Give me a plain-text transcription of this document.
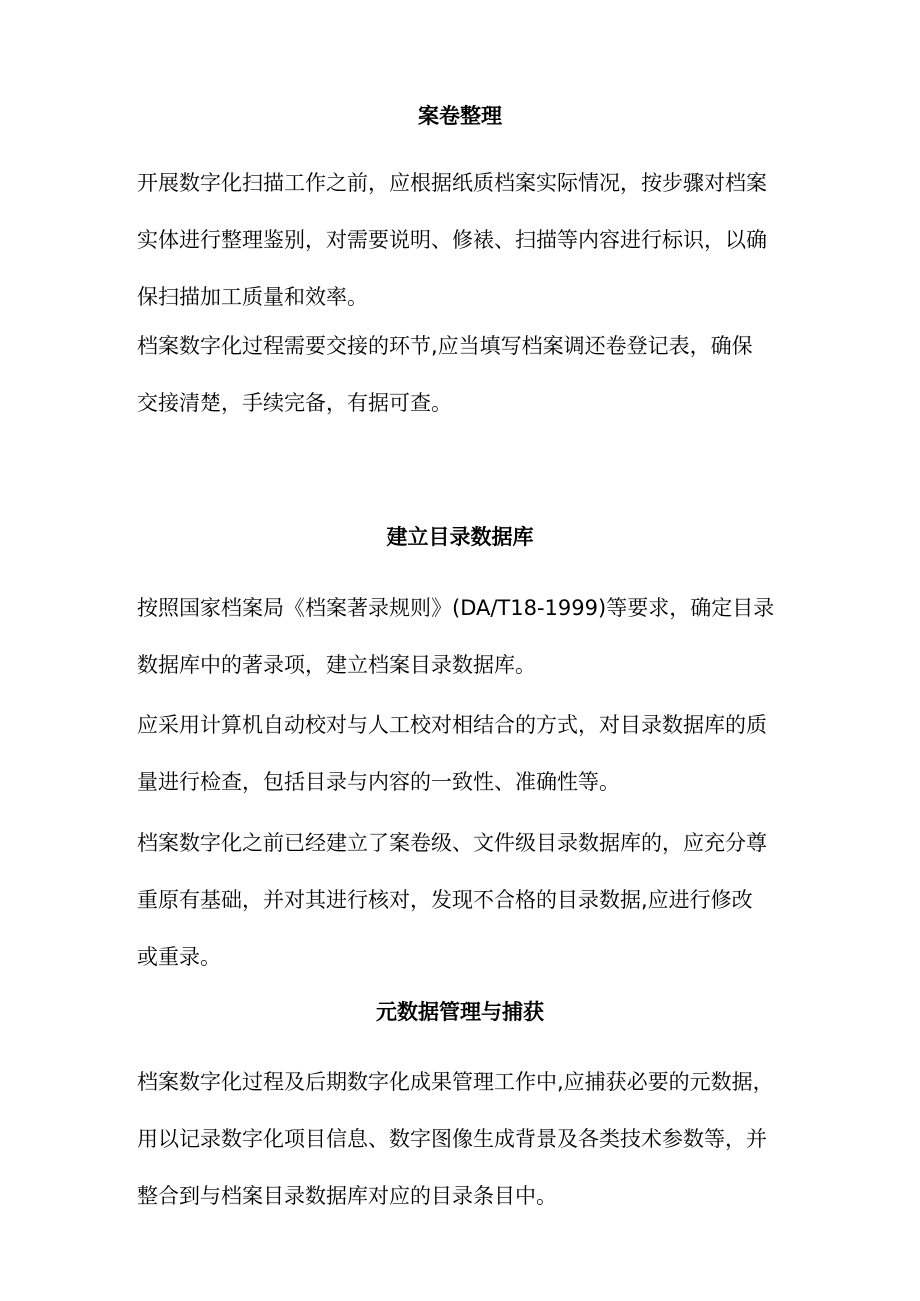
案卷整理
开展数字化扫描工作之前，应根据纸质档案实际情况，按步骤对档案
实体进行整理鉴别，对需要说明、修裱、扫描等内容进行标识，以确
保扫描加工质量和效率。
档案数字化过程需要交接的环节,应当填写档案调还卷登记表，确保
交接清楚，手续完备，有据可查。
建立目录数据库
按照国家档案局《档案著录规则》(DA/T18-1999)等要求，确定目录
数据库中的著录项，建立档案目录数据库。
应采用计算机自动校对与人工校对相结合的方式，对目录数据库的质
量进行检查，包括目录与内容的一致性、准确性等。
档案数字化之前已经建立了案卷级、文件级目录数据库的，应充分尊
重原有基础，并对其进行核对，发现不合格的目录数据,应进行修改
或重录。
元数据管理与捕获
档案数字化过程及后期数字化成果管理工作中,应捕获必要的元数据，
用以记录数字化项目信息、数字图像生成背景及各类技术参数等，并
整合到与档案目录数据库对应的目录条目中。
